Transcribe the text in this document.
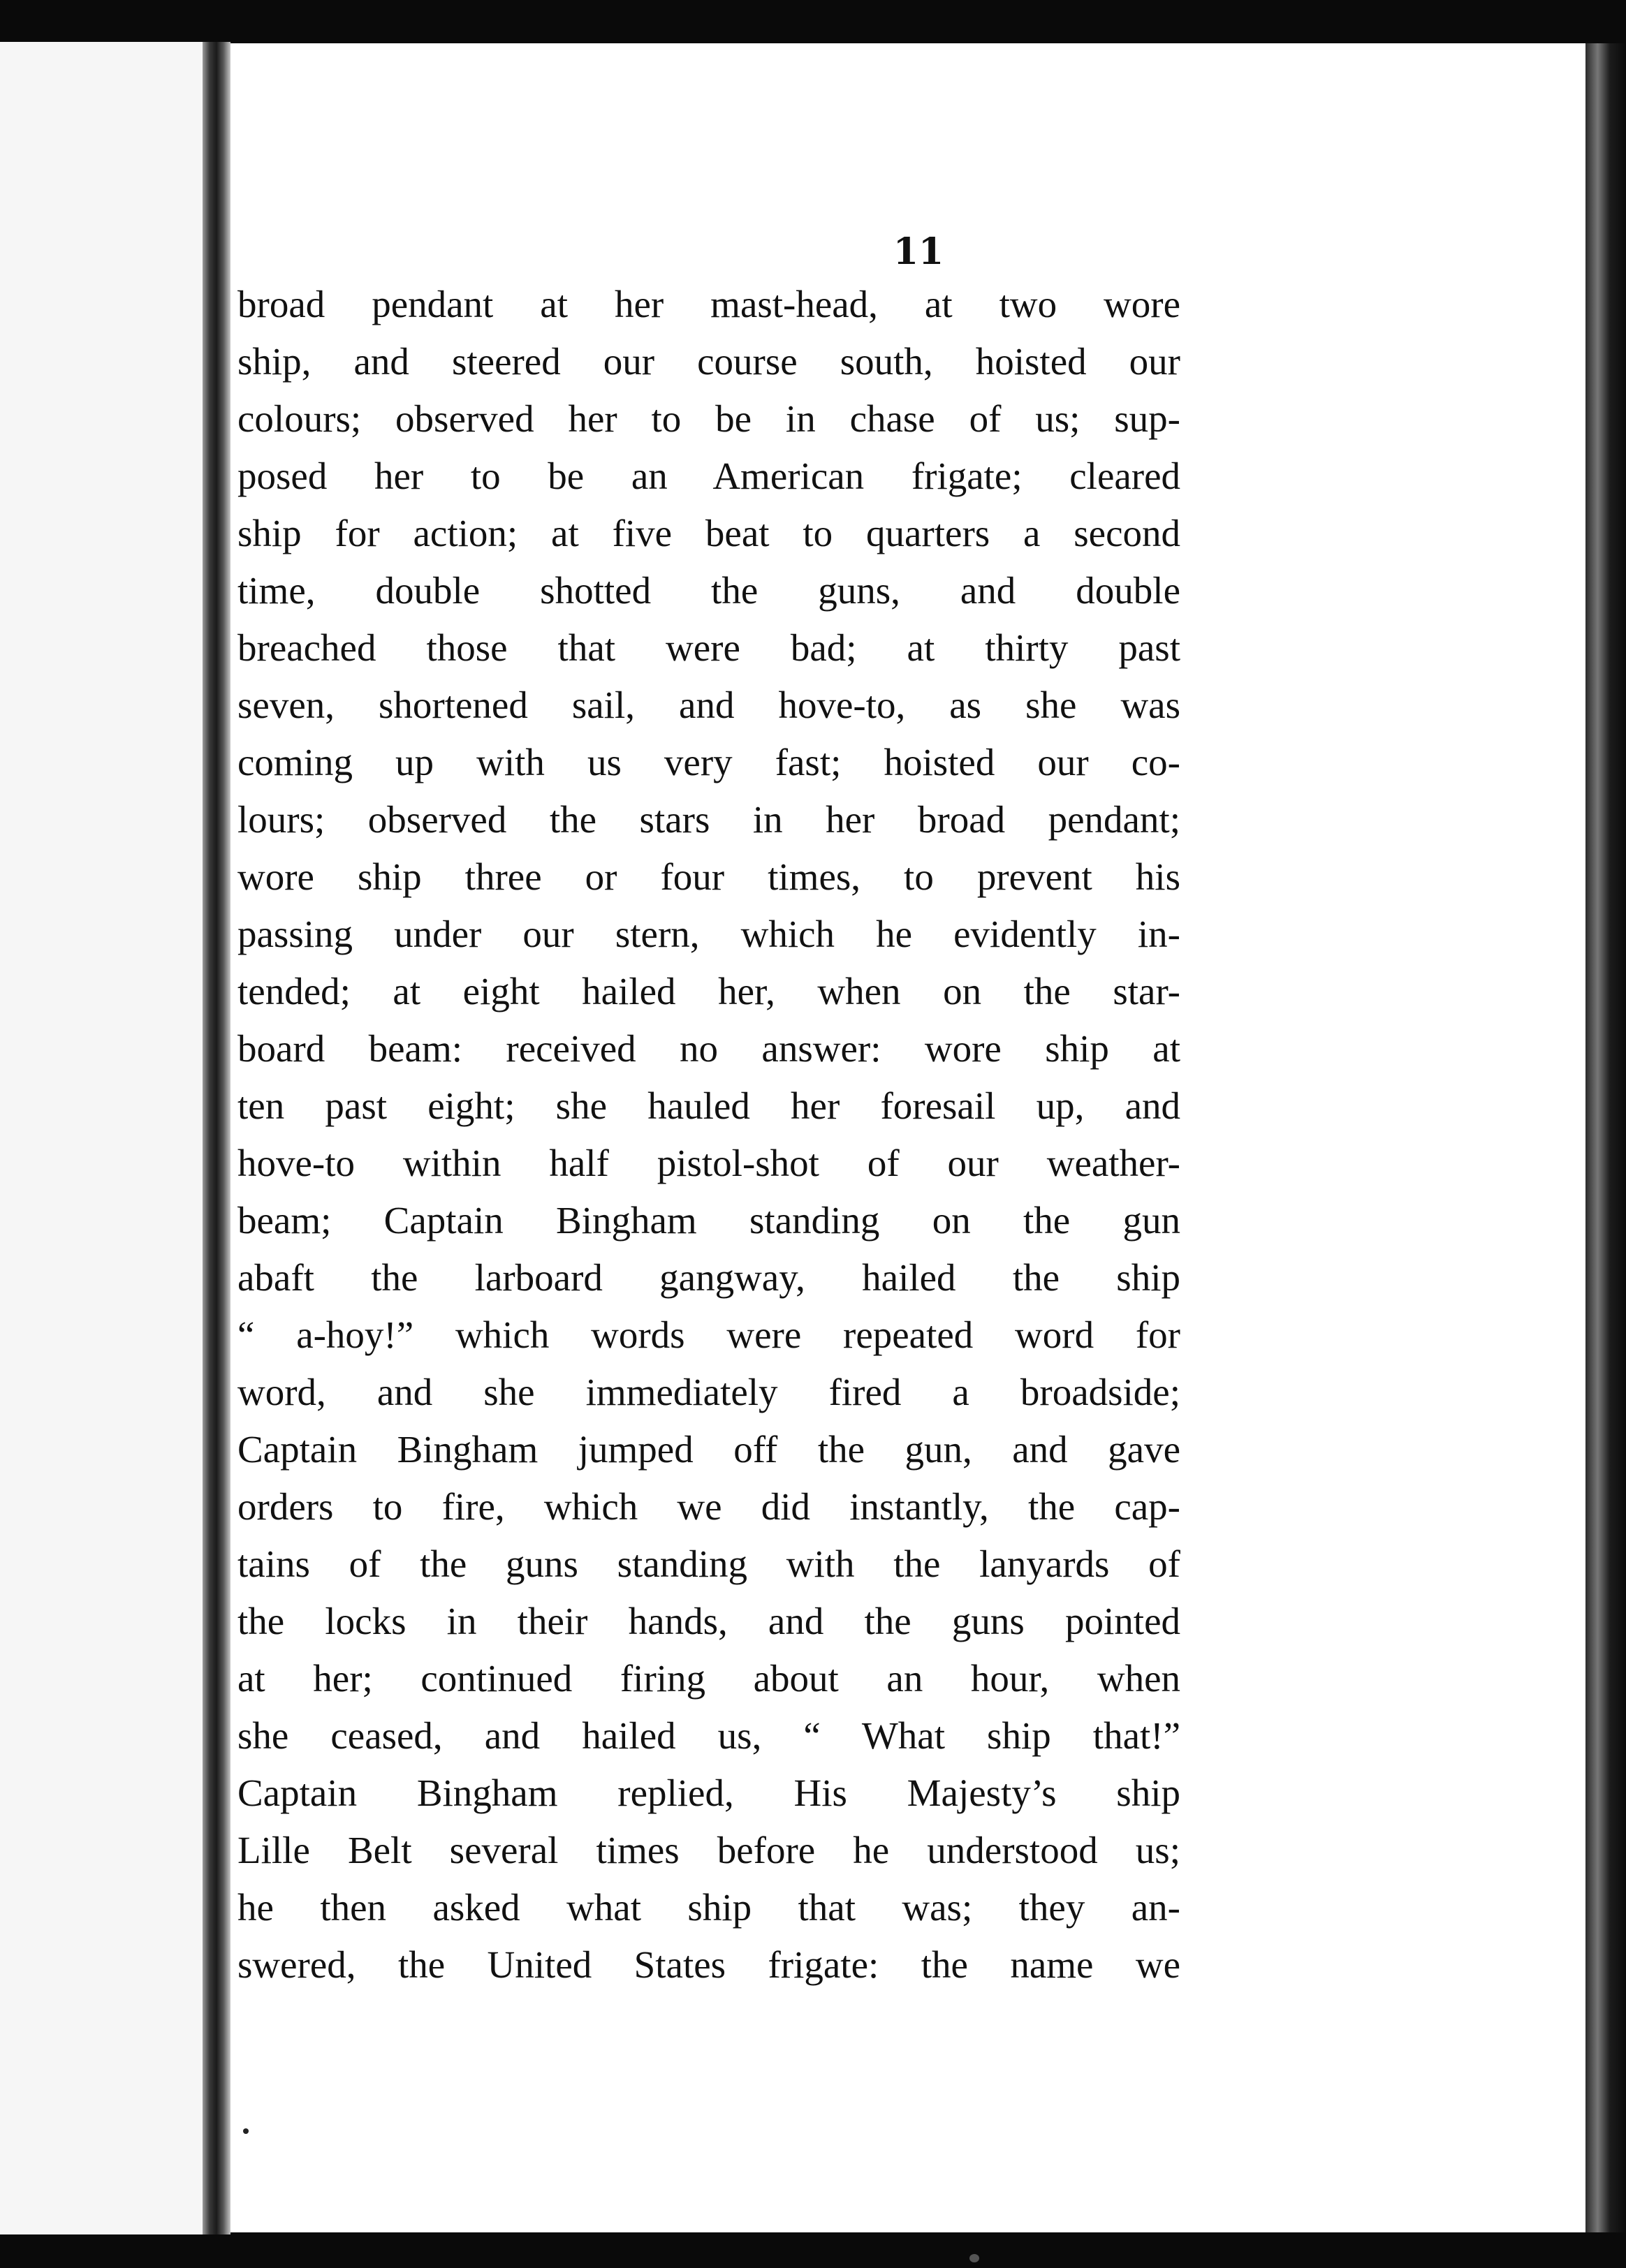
11
broad pendant at her mast-head, at two wore
ship, and steered our course south, hoisted our
colours; observed her to be in chase of us; sup-
posed her to be an American frigate; cleared
ship for action; at five beat to quarters a second
time, double shotted the guns, and double
breached those that were bad; at thirty past
seven, shortened sail, and hove-to, as she was
coming up with us very fast; hoisted our co-
lours; observed the stars in her broad pendant;
wore ship three or four times, to prevent his
passing under our stern, which he evidently in-
tended; at eight hailed her, when on the star-
board beam: received no answer: wore ship at
ten past eight; she hauled her foresail up, and
hove-to within half pistol-shot of our weather-
beam; Captain Bingham standing on the gun
abaft the larboard gangway, hailed the ship
“ a-hoy!” which words were repeated word for
word, and she immediately fired a broadside;
Captain Bingham jumped off the gun, and gave
orders to fire, which we did instantly, the cap-
tains of the guns standing with the lanyards of
the locks in their hands, and the guns pointed
at her; continued firing about an hour, when
she ceased, and hailed us, “ What ship that!”
Captain Bingham replied, His Majesty’s ship
Lille Belt several times before he understood us;
he then asked what ship that was; they an-
swered, the United States frigate: the name we
